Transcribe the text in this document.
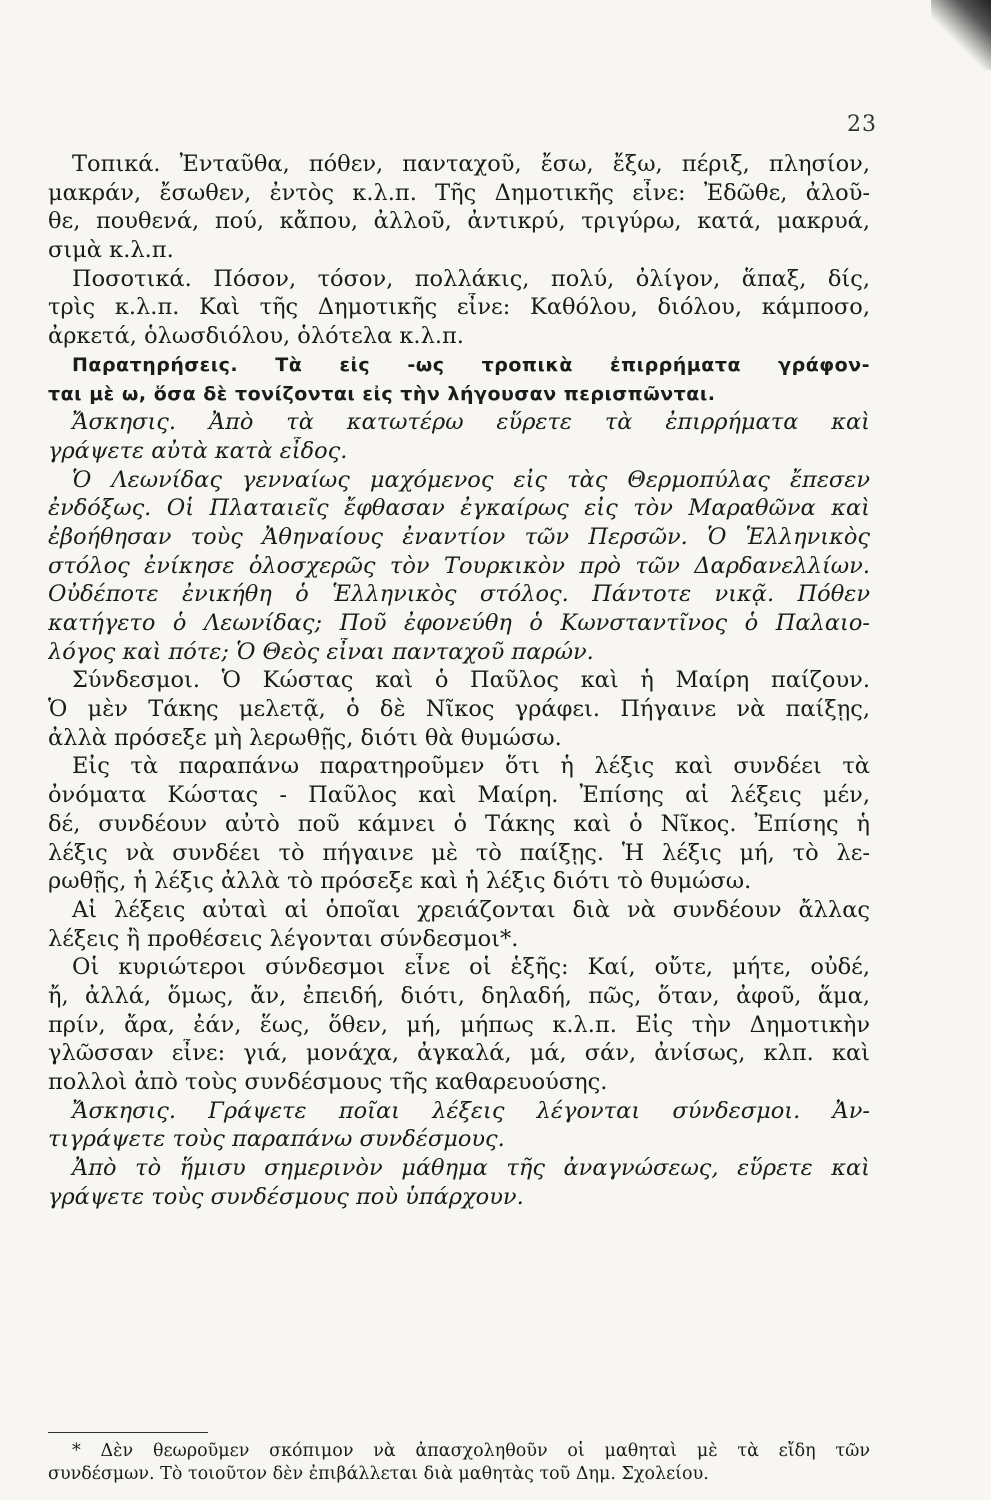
23
Τοπικά. Ἐνταῦθα, πόθεν, πανταχοῦ, ἔσω, ἔξω, πέριξ, πλησίον,
μακράν, ἔσωθεν, ἐντὸς κ.λ.π. Τῆς Δημοτικῆς εἶνε: Ἐδῶθε, ἀλοῦ-
θε, πουθενά, πού, κἄπου, ἀλλοῦ, ἀντικρύ, τριγύρω, κατά, μακρυά,
σιμὰ κ.λ.π.
Ποσοτικά. Πόσον, τόσον, πολλάκις, πολύ, ὀλίγον, ἅπαξ, δίς,
τρὶς κ.λ.π. Καὶ τῆς Δημοτικῆς εἶνε: Καθόλου, διόλου, κάμποσο,
ἀρκετά, ὁλωσδιόλου, ὁλότελα κ.λ.π.
Παρατηρήσεις. Τὰ εἰς -ως τροπικὰ ἐπιρρήματα γράφον-
ται μὲ ω, ὅσα δὲ τονίζονται εἰς τὴν λήγουσαν περισπῶνται.
Ἄσκησις. Ἀπὸ τὰ κατωτέρω εὕρετε τὰ ἐπιρρήματα καὶ
γράψετε αὐτὰ κατὰ εἶδος.
Ὁ Λεωνίδας γενναίως μαχόμενος εἰς τὰς Θερμοπύλας ἔπεσεν
ἐνδόξως. Οἱ Πλαταιεῖς ἔφθασαν ἐγκαίρως εἰς τὸν Μαραθῶνα καὶ
ἐβοήθησαν τοὺς Ἀθηναίους ἐναντίον τῶν Περσῶν. Ὁ Ἑλληνικὸς
στόλος ἐνίκησε ὁλοσχερῶς τὸν Τουρκικὸν πρὸ τῶν Δαρδανελλίων.
Οὐδέποτε ἐνικήθη ὁ Ἑλληνικὸς στόλος. Πάντοτε νικᾷ. Πόθεν
κατήγετο ὁ Λεωνίδας; Ποῦ ἐφονεύθη ὁ Κωνσταντῖνος ὁ Παλαιο-
λόγος καὶ πότε; Ὁ Θεὸς εἶναι πανταχοῦ παρών.
Σύνδεσμοι. Ὁ Κώστας καὶ ὁ Παῦλος καὶ ἡ Μαίρη παίζουν.
Ὁ μὲν Τάκης μελετᾷ, ὁ δὲ Νῖκος γράφει. Πήγαινε νὰ παίξῃς,
ἀλλὰ πρόσεξε μὴ λερωθῇς, διότι θὰ θυμώσω.
Εἰς τὰ παραπάνω παρατηροῦμεν ὅτι ἡ λέξις καὶ συνδέει τὰ
ὀνόματα Κώστας - Παῦλος καὶ Μαίρη. Ἐπίσης αἱ λέξεις μέν,
δέ, συνδέουν αὐτὸ ποῦ κάμνει ὁ Τάκης καὶ ὁ Νῖκος. Ἐπίσης ἡ
λέξις νὰ συνδέει τὸ πήγαινε μὲ τὸ παίξῃς. Ἡ λέξις μή, τὸ λε-
ρωθῇς, ἡ λέξις ἀλλὰ τὸ πρόσεξε καὶ ἡ λέξις διότι τὸ θυμώσω.
Αἱ λέξεις αὐταὶ αἱ ὁποῖαι χρειάζονται διὰ νὰ συνδέουν ἄλλας
λέξεις ἢ προθέσεις λέγονται σύνδεσμοι*.
Οἱ κυριώτεροι σύνδεσμοι εἶνε οἱ ἑξῆς: Καί, οὔτε, μήτε, οὐδέ,
ἤ, ἀλλά, ὅμως, ἄν, ἐπειδή, διότι, δηλαδή, πῶς, ὅταν, ἀφοῦ, ἅμα,
πρίν, ἄρα, ἐάν, ἕως, ὅθεν, μή, μήπως κ.λ.π. Εἰς τὴν Δημοτικὴν
γλῶσσαν εἶνε: γιά, μονάχα, ἀγκαλά, μά, σάν, ἀνίσως, κλπ. καὶ
πολλοὶ ἀπὸ τοὺς συνδέσμους τῆς καθαρευούσης.
Ἄσκησις. Γράψετε ποῖαι λέξεις λέγονται σύνδεσμοι. Ἀν-
τιγράψετε τοὺς παραπάνω συνδέσμους.
Ἀπὸ τὸ ἥμισυ σημερινὸν μάθημα τῆς ἀναγνώσεως, εὕρετε καὶ
γράψετε τοὺς συνδέσμους ποὺ ὑπάρχουν.
* Δὲν θεωροῦμεν σκόπιμον νὰ ἀπασχοληθοῦν οἱ μαθηταὶ μὲ τὰ εἴδη τῶν
συνδέσμων. Τὸ τοιοῦτον δὲν ἐπιβάλλεται διὰ μαθητὰς τοῦ Δημ. Σχολείου.
